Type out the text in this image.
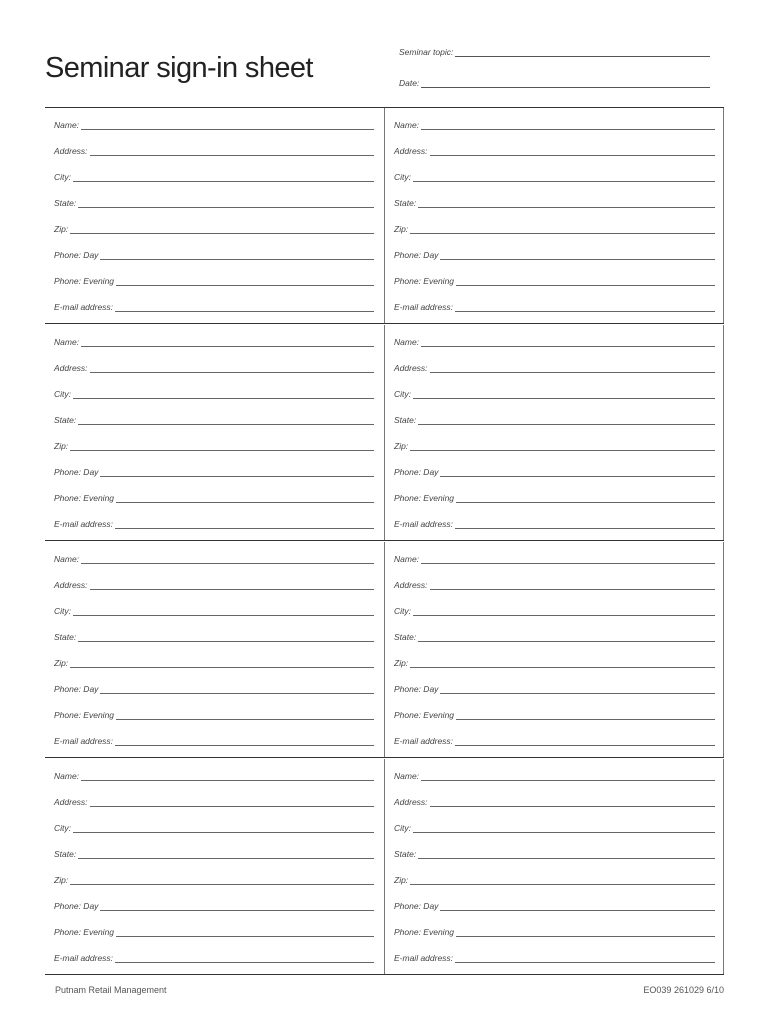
Seminar sign-in sheet	Seminar topic:
Date:
Name:
Address:
City:
State:
Zip:
Phone: Day
Phone: Evening
E-mail address:
Name:
Address:
City:
State:
Zip:
Phone: Day
Phone: Evening
E-mail address:
Name:
Address:
City:
State:
Zip:
Phone: Day
Phone: Evening
E-mail address:
Name:
Address:
City:
State:
Zip:
Phone: Day
Phone: Evening
E-mail address:
Name:
Address:
City:
State:
Zip:
Phone: Day
Phone: Evening
E-mail address:
Name:
Address:
City:
State:
Zip:
Phone: Day
Phone: Evening
E-mail address:
Name:
Address:
City:
State:
Zip:
Phone: Day
Phone: Evening
E-mail address:
Name:
Address:
City:
State:
Zip:
Phone: Day
Phone: Evening
E-mail address:
Putnam Retail Management	EO039 261029 6/10
